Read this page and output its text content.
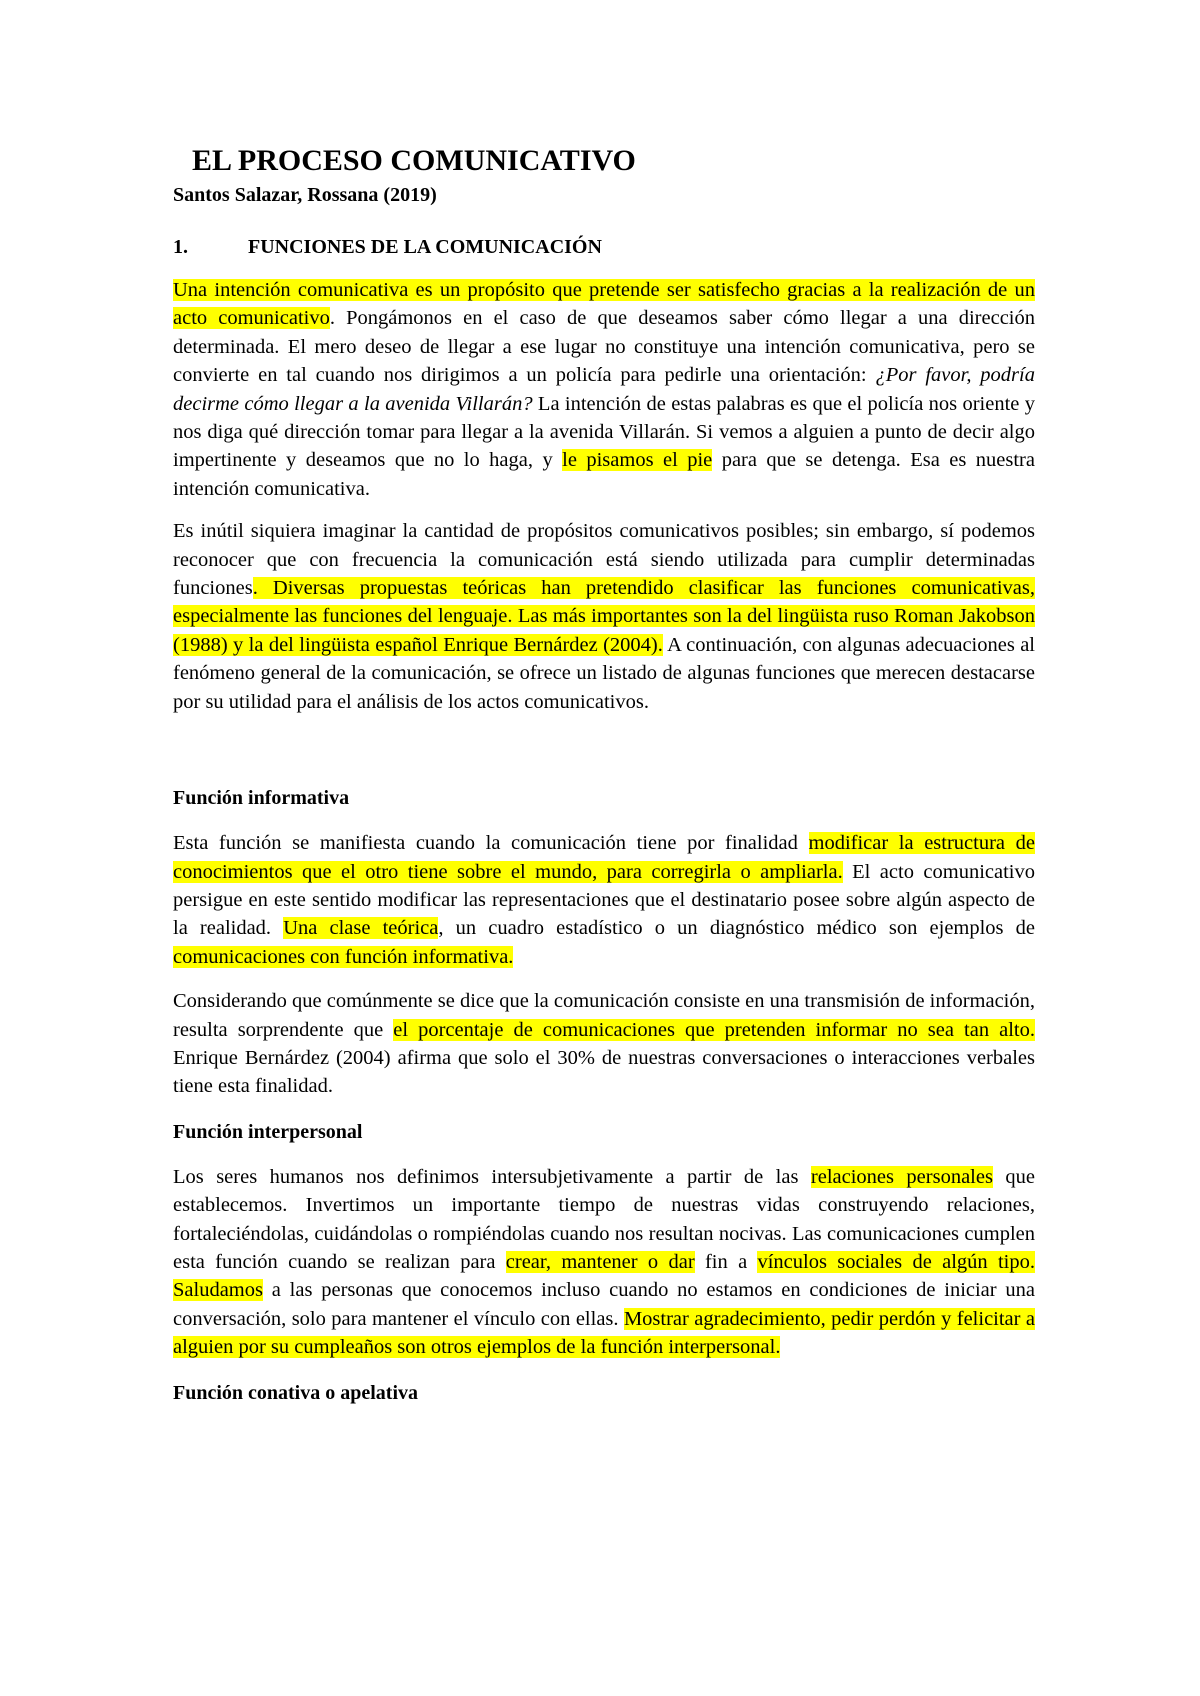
EL PROCESO COMUNICATIVO
Santos Salazar, Rossana (2019)
1.	FUNCIONES DE LA COMUNICACIÓN

Una intención comunicativa es un propósito que pretende ser satisfecho gracias a la realización de un acto comunicativo. Pongámonos en el caso de que deseamos saber cómo llegar a una dirección determinada. El mero deseo de llegar a ese lugar no constituye una intención comunicativa, pero se convierte en tal cuando nos dirigimos a un policía para pedirle una orientación: ¿Por favor, podría decirme cómo llegar a la avenida Villarán? La intención de estas palabras es que el policía nos oriente y nos diga qué dirección tomar para llegar a la avenida Villarán. Si vemos a alguien a punto de decir algo impertinente y deseamos que no lo haga, y le pisamos el pie para que se detenga. Esa es nuestra intención comunicativa.

Es inútil siquiera imaginar la cantidad de propósitos comunicativos posibles; sin embargo, sí podemos reconocer que con frecuencia la comunicación está siendo utilizada para cumplir determinadas funciones. Diversas propuestas teóricas han pretendido clasificar las funciones comunicativas, especialmente las funciones del lenguaje. Las más importantes son la del lingüista ruso Roman Jakobson (1988) y la del lingüista español Enrique Bernárdez (2004). A continuación, con algunas adecuaciones al fenómeno general de la comunicación, se ofrece un listado de algunas funciones que merecen destacarse por su utilidad para el análisis de los actos comunicativos.

Función informativa

Esta función se manifiesta cuando la comunicación tiene por finalidad modificar la estructura de conocimientos que el otro tiene sobre el mundo, para corregirla o ampliarla. El acto comunicativo persigue en este sentido modificar las representaciones que el destinatario posee sobre algún aspecto de la realidad. Una clase teórica, un cuadro estadístico o un diagnóstico médico son ejemplos de comunicaciones con función informativa.

Considerando que comúnmente se dice que la comunicación consiste en una transmisión de información, resulta sorprendente que el porcentaje de comunicaciones que pretenden informar no sea tan alto. Enrique Bernárdez (2004) afirma que solo el 30% de nuestras conversaciones o interacciones verbales tiene esta finalidad.

Función interpersonal

Los seres humanos nos definimos intersubjetivamente a partir de las relaciones personales que establecemos. Invertimos un importante tiempo de nuestras vidas construyendo relaciones, fortaleciéndolas, cuidándolas o rompiéndolas cuando nos resultan nocivas. Las comunicaciones cumplen esta función cuando se realizan para crear, mantener o dar fin a vínculos sociales de algún tipo. Saludamos a las personas que conocemos incluso cuando no estamos en condiciones de iniciar una conversación, solo para mantener el vínculo con ellas. Mostrar agradecimiento, pedir perdón y felicitar a alguien por su cumpleaños son otros ejemplos de la función interpersonal.

Función conativa o apelativa
